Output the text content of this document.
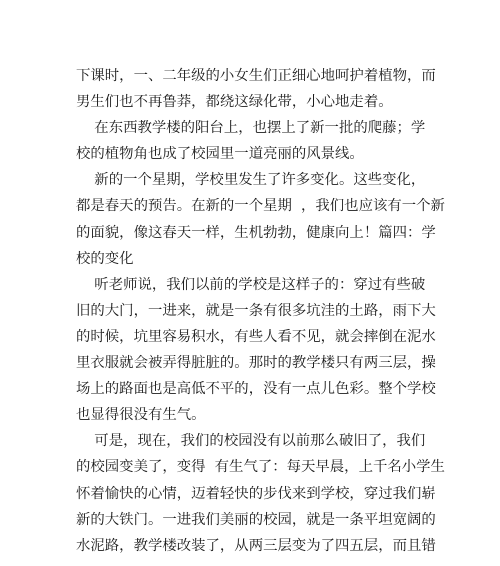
下课时，一、二年级的小女生们正细心地呵护着植物，而
男生们也不再鲁莽，都绕这绿化带，小心地走着。
在东西教学楼的阳台上，也摆上了新一批的爬藤；学
校的植物角也成了校园里一道亮丽的风景线。
新的一个星期，学校里发生了许多变化。这些变化，
都是春天的预告。在新的一个星期  ，我们也应该有一个新
的面貌，像这春天一样，生机勃勃，健康向上！篇四：学
校的变化
听老师说，我们以前的学校是这样子的：穿过有些破
旧的大门，一进来，就是一条有很多坑洼的土路，雨下大
的时候，坑里容易积水，有些人看不见，就会摔倒在泥水
里衣服就会被弄得脏脏的。那时的教学楼只有两三层，操
场上的路面也是高低不平的，没有一点儿色彩。整个学校
也显得很没有生气。
可是，现在，我们的校园没有以前那么破旧了，我们
的校园变美了，变得  有生气了：每天早晨，上千名小学生
怀着愉快的心情，迈着轻快的步伐来到学校，穿过我们崭
新的大铁门。一进我们美丽的校园，就是一条平坦宽阔的
水泥路，教学楼改装了，从两三层变为了四五层，而且错
